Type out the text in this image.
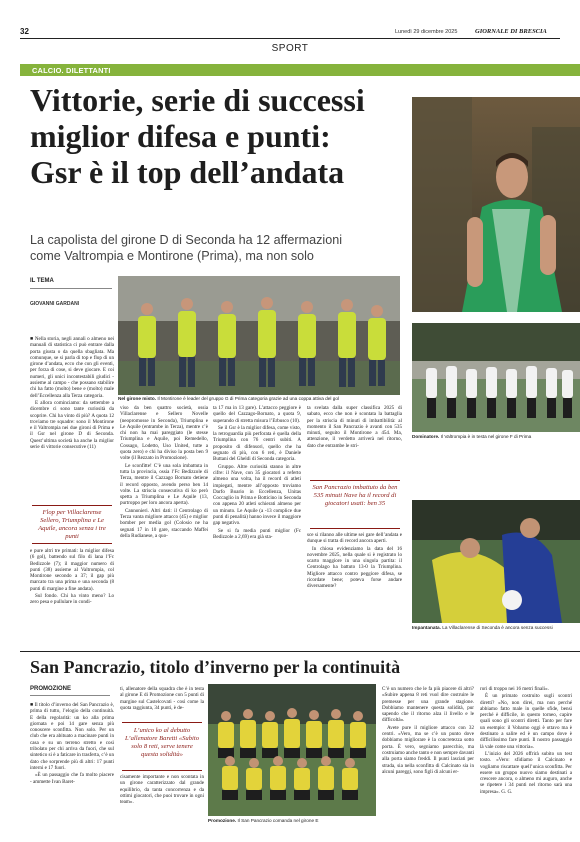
32	Lunedì 29 dicembre 2025	GIORNALE DI BRESCIA
SPORT
CALCIO. DILETTANTI
Vittorie, serie di successi
miglior difesa e punti:
Gsr è il top dell’andata
La capolista del girone D di Seconda ha 12 affermazioni
come Valtrompia e Montirone (Prima), ma non solo
IL TEMA
GIOVANNI GARDANI
Nel girone misto. Il Montirone è leader del gruppo G di Prima categoria grazie ad una coppa attiva del gol
Dominatore. Il Valtrompia è in testa nel girone F di Prima
Impantanata. La Villaclarense di Seconda è ancora senza successi

■ Nella storia, negli annali o almeno nei manuali di statistica ci può entrare dalla porta giusta o da quella sbagliata. Ma comunque, se si parla di top e flop di un girone d’andata, ecco che con gli eventi, per forza di cose, si deve giocare. E coi numeri, gli unici incontestabili giudici - assieme al campo - che possano stabilire chi ha fatto (molto) bene e (molto) male dell’Eccellenza alla Terza categoria.

E allora cominciamo: da settembre a dicembre ci sono tante curiosità da scoprire. Chi ha vinto di più? A quota 12 troviamo tre squadre: sono il Montirone e il Valtrompia nei due gironi di Prima e il Gsr nel girone D di Seconda. Quest’ultima società ha anche la miglior serie di vittorie consecutive (11)

Flop per Villaclarense Sellero, Triumplina e Le Aquile, ancora senza i tre punti

e pure altri tre primati: la miglior difesa (6 gol), battendo sul filo di lana l’Fc Bedizzole (7); il maggior numero di punti (38) assieme al Valtrompia, col Montirone secondo a 37; il gap più marcato tra una prima e una seconda (8 punti di margine a fine andata).

Sul fondo. Chi ha vinto meno? Lo zero pesa e pullulare in condi-

viso da ben quattro società, ossia Villaclarense e Sellero Novelle (neopromosse in Seconda), Triumplina e Le Aquile (entrambe in Terza), mentre c’è chi non ha mai pareggiato (le stesse Triumplina e Aquile, poi Remedello, Cossago, Lodetto, Uso United, tutte a quota zero) e chi ha diviso la posta ben 9 volte (il Rezzato in Promozione).

Le sconfitte! C’è una sola imbattuta in tutta la provincia, ossia l’Fc Bedizzole di Terza, mentre il Cazzago Bornato detiene il record opposto, avendo perso ben 14 volte. La striscia consecutiva di ko però spetta a Triumplina e Le Aquile (13, purtroppo per loro ancora aperta).

Cannonieri. Altri dati: il Centrolago di Terza vanta migliore attacco (45) e miglior bomber per media gol (Colosio ne ha segnati 17 in 10 gare, staccando Maffei della Rudianese, a quo-

ta 17 ma in 13 gare). L’attacco peggiore è quello del Cazzago-Bornato, a quota 9, superando di stretta misura l’Erbusco (10).

Se il Gsr è la miglior difesa, come visto, la retroguardia più perforata è quella della Triumplina con 76 centri subiti. A proposito di difensori, quello che ha segnato di più, con 6 reti, è Daniele Buttani del Gheldi di Seconda categoria.

Gruppo. Altre curiosità stanno in altre cifre: il Nave, con 35 giocatori a referto almeno una volta, ha il record di atleti impiegati, mentre all’opposto troviamo Darfo Boario in Eccellenza, Unitas Coccaglio in Prima e Botticino in Seconda con appena 20 atleti schierati almeno per un minuto. Le Aquile (a -13 complice due punti di penalità) hanno invece il maggiore gap negativo.

Se si fa media punti miglior (Fc Bedizzole a 2,69) era già sta-

ta svelata dalla super classifica 2025 di sabato, ecco che non è scontata la battaglia per la striscia di minuti di imbattibilità: al momento il San Pancrazio è avanti con 535 minuti, seguito il Montirone a 454. Ma, attenzione, il verdetto arriverà nel ritorno, dato che entrambe le stri-

San Pancrazio imbattuto da ben 535 minuti Nave ha il record di giocatori usati: ben 35

sce si rilanno alle ultime sei gare dell’andata e dunque si tratta di record ancora aperti.

In chiosa evidenziamo la data del 16 novembre 2025, nella quale si è registrato lo scarto maggiore in una singola partita: il Centrolago ha battuto 13-0 la Triumplina. Migliore attacco contro peggiore difesa, se ricordate bene; poteva forse andare diversamente?

San Pancrazio, titolo d’inverno per la continuità
PROMOZIONE

■ Il titolo d’inverno del San Pancrazio è, prima di tutto, l’elogio della continuità. E della regolarità: un ko alla prima giornata e poi 14 gare senza più conoscere sconfitta. Non solo. Per un club che era abituato a macinare punti in casa e su un terreno stretto e così tribolato per chi arriva da fuori, che sul sintetico si è a faticare in trasferta, c’è un dato che sorprende più di altri: 17 punti interni e 17 fuori.

«È un passaggio che fa molto piacere - ammette Ivan Baret-

ti, allenatore della squadra che è in testa al girone E di Promozione con 5 punti di margine sul Castelcovati - così come la quota raggiunta, 34 punti, è de-

L’unico ko al debutto L’allenatore Baretti «Subito solo 8 reti, serve tenere questa solidità»

cisamente importante e non scontata in un girone caratterizzato dal grande equilibrio, da tanta concorrenza e da ottimi giocatori, che puoi trovare in ogni team».

Promozione. Il San Pancrazio comanda nel girone E

C’è un numero che le fa più piacere di altri? «Subire appena 8 reti vuol dire costruire le premesse per una grande stagione. Dobbiamo mantenere questa solidità, pur sapendo che il ritorno alza il livello e le difficoltà».

Avete pure il migliore attacco con 32 centri. «Vero, ma se c’è un punto dove dobbiamo migliorare è la concretezza sotto porta. È vero, segniamo parecchio, ma costruiamo anche tanto e non sempre davanti alla porta siamo freddi. Il punti lasciati per strada, sia nella sconfitta di Calcinato sia in alcuni pareggi, sono figli di alcuni er-

rori di troppo nei 16 metri finali».

È un primato costruito sugli scontri diretti? «No, non direi, ma non perché abbiamo fatto male in quelle sfide, bensì perché è difficile, in questo torneo, capire quali sono gli scontri diretti. Tanto per fare un esempio: il Vobarno oggi è ottavo ma è destinato a salire ed è un campo dove è difficilissimo fare punti. Il nostro passaggio là vale come una vittoria».

L’inizio del 2026 offrirà subito un test tosto. «Vero: sfidiamo il Calcinato e vogliamo riscattare quell’unica sconfitta. Per essere un gruppo nuovo siamo destinati a crescere ancora, o almeno mi auguro, anche se ripetere i 34 punti nel ritorno sarà una impresa». G. G.
